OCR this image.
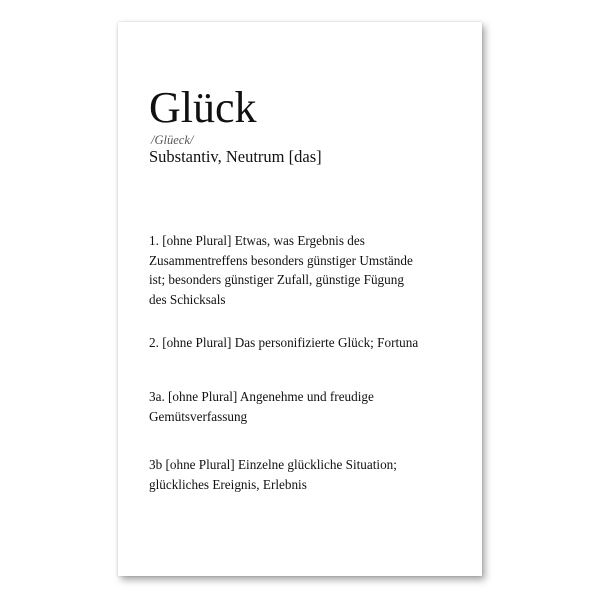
Glück
/Glüeck/
Substantiv, Neutrum [das]

1. [ohne Plural] Etwas, was Ergebnis des
Zusammentreffens besonders günstiger Umstände
ist; besonders günstiger Zufall, günstige Fügung
des Schicksals

2. [ohne Plural] Das personifizierte Glück; Fortuna

3a. [ohne Plural] Angenehme und freudige
Gemütsverfassung

3b [ohne Plural] Einzelne glückliche Situation;
glückliches Ereignis, Erlebnis
